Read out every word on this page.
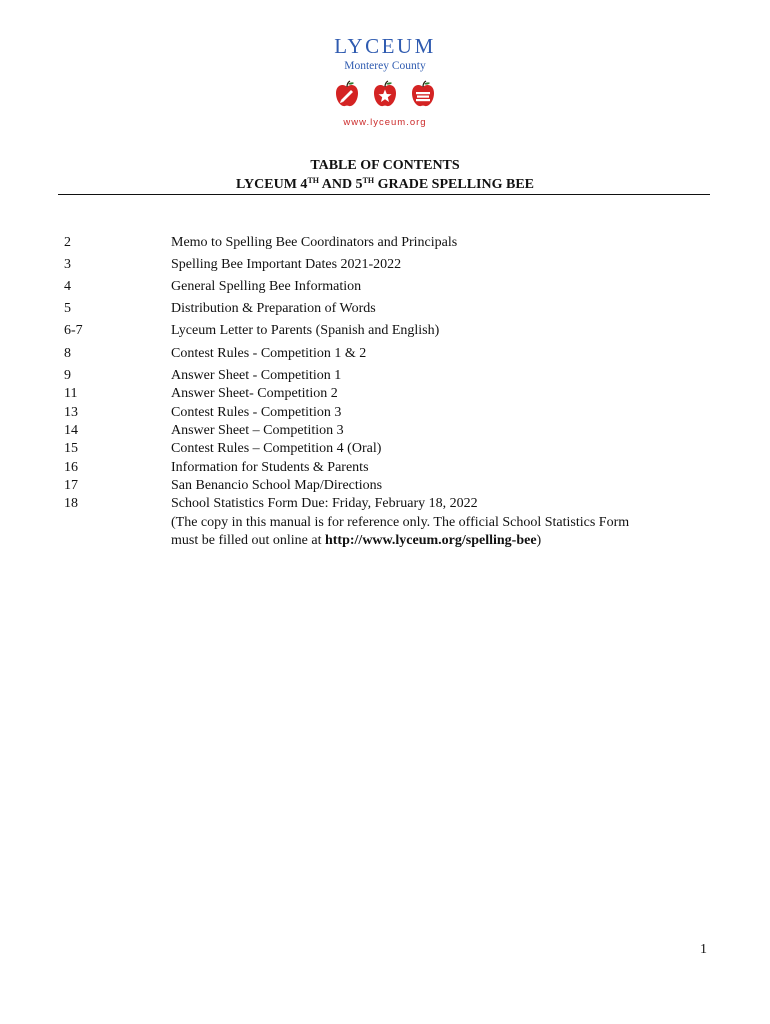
LYCEUM
Monterey County
www.lyceum.org
TABLE OF CONTENTS
LYCEUM 4TH AND 5TH GRADE SPELLING BEE
2	Memo to Spelling Bee Coordinators and Principals
3	Spelling Bee Important Dates 2021-2022
4	General Spelling Bee Information
5	Distribution & Preparation of Words
6-7	Lyceum Letter to Parents (Spanish and English)
8	Contest Rules - Competition 1 & 2
9	Answer Sheet - Competition 1
11	Answer Sheet- Competition 2
13	Contest Rules - Competition 3
14	Answer Sheet – Competition 3
15	Contest Rules – Competition 4 (Oral)
16	Information for Students & Parents
17	San Benancio School Map/Directions
18	School Statistics Form Due: Friday, February 18, 2022
(The copy in this manual is for reference only. The official School Statistics Form
must be filled out online at http://www.lyceum.org/spelling-bee)
1
